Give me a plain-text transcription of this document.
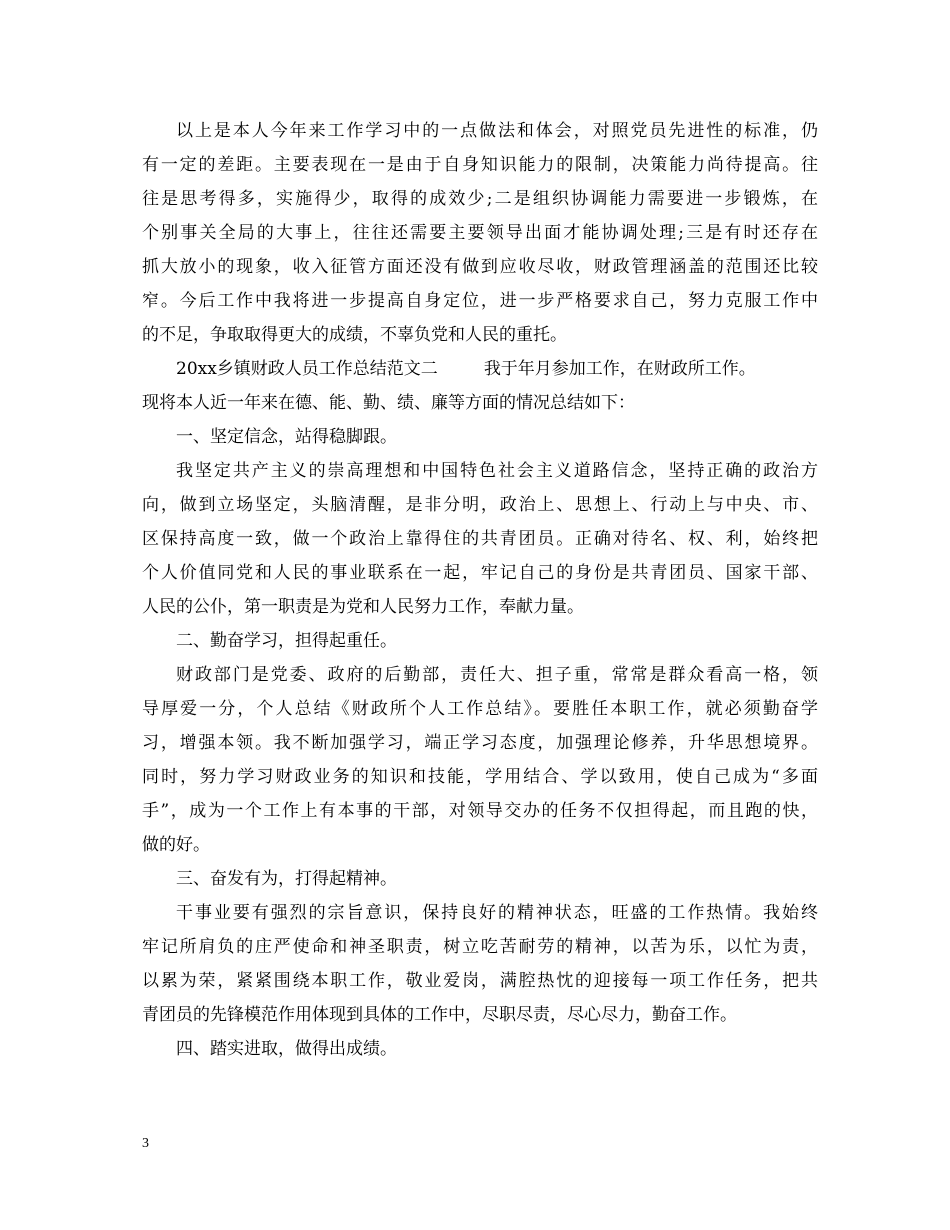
以上是本人今年来工作学习中的一点做法和体会，对照党员先进性的标准，仍
有一定的差距。主要表现在一是由于自身知识能力的限制，决策能力尚待提高。往
往是思考得多，实施得少，取得的成效少;二是组织协调能力需要进一步锻炼，在
个别事关全局的大事上，往往还需要主要领导出面才能协调处理;三是有时还存在
抓大放小的现象，收入征管方面还没有做到应收尽收，财政管理涵盖的范围还比较
窄。今后工作中我将进一步提高自身定位，进一步严格要求自己，努力克服工作中
的不足，争取取得更大的成绩，不辜负党和人民的重托。
20xx乡镇财政人员工作总结范文二	我于年月参加工作，在财政所工作。
现将本人近一年来在德、能、勤、绩、廉等方面的情况总结如下：
一、坚定信念，站得稳脚跟。
我坚定共产主义的崇高理想和中国特色社会主义道路信念，坚持正确的政治方
向，做到立场坚定，头脑清醒，是非分明，政治上、思想上、行动上与中央、市、
区保持高度一致，做一个政治上靠得住的共青团员。正确对待名、权、利，始终把
个人价值同党和人民的事业联系在一起，牢记自己的身份是共青团员、国家干部、
人民的公仆，第一职责是为党和人民努力工作，奉献力量。
二、勤奋学习，担得起重任。
财政部门是党委、政府的后勤部，责任大、担子重，常常是群众看高一格，领
导厚爱一分，个人总结《财政所个人工作总结》。要胜任本职工作，就必须勤奋学
习，增强本领。我不断加强学习，端正学习态度，加强理论修养，升华思想境界。
同时，努力学习财政业务的知识和技能，学用结合、学以致用，使自己成为“多面
手”，成为一个工作上有本事的干部，对领导交办的任务不仅担得起，而且跑的快，
做的好。
三、奋发有为，打得起精神。
干事业要有强烈的宗旨意识，保持良好的精神状态，旺盛的工作热情。我始终
牢记所肩负的庄严使命和神圣职责，树立吃苦耐劳的精神，以苦为乐，以忙为责，
以累为荣，紧紧围绕本职工作，敬业爱岗，满腔热忱的迎接每一项工作任务，把共
青团员的先锋模范作用体现到具体的工作中，尽职尽责，尽心尽力，勤奋工作。
四、踏实进取，做得出成绩。
3
